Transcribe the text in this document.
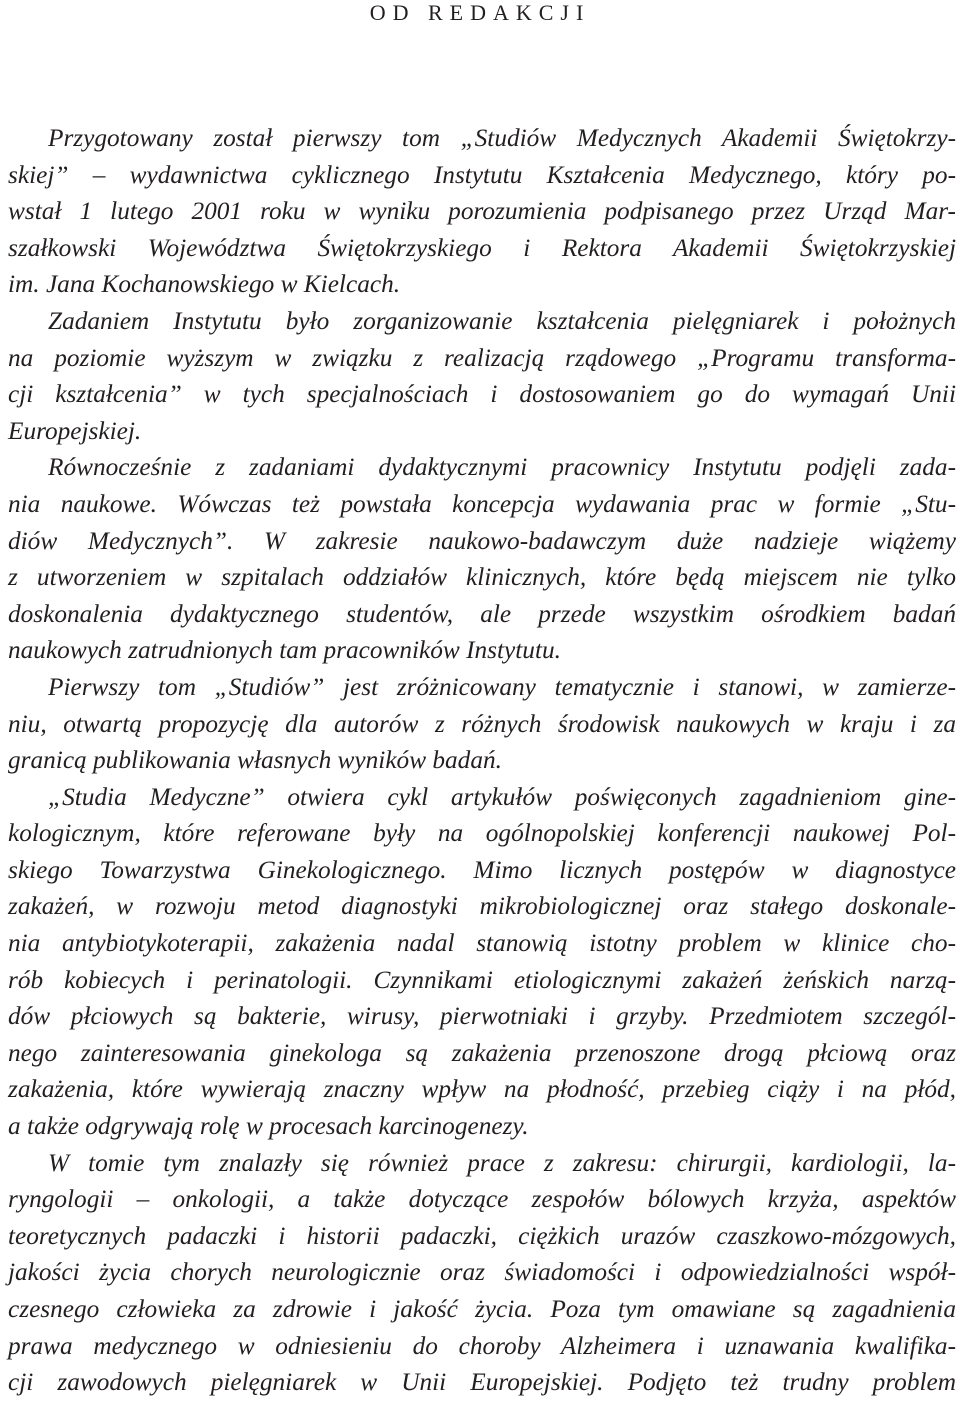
OD REDAKCJI
Przygotowany został pierwszy tom „Studiów Medycznych Akademii Świętokrzy-
skiej” – wydawnictwa cyklicznego Instytutu Kształcenia Medycznego, który po-
wstał 1 lutego 2001 roku w wyniku porozumienia podpisanego przez Urząd Mar-
szałkowski Województwa Świętokrzyskiego i Rektora Akademii Świętokrzyskiej
im. Jana Kochanowskiego w Kielcach.
Zadaniem Instytutu było zorganizowanie kształcenia pielęgniarek i położnych
na poziomie wyższym w związku z realizacją rządowego „Programu transforma-
cji kształcenia” w tych specjalnościach i dostosowaniem go do wymagań Unii
Europejskiej.
Równocześnie z zadaniami dydaktycznymi pracownicy Instytutu podjęli zada-
nia naukowe. Wówczas też powstała koncepcja wydawania prac w formie „Stu-
diów Medycznych”. W zakresie naukowo-badawczym duże nadzieje wiążemy
z utworzeniem w szpitalach oddziałów klinicznych, które będą miejscem nie tylko
doskonalenia dydaktycznego studentów, ale przede wszystkim ośrodkiem badań
naukowych zatrudnionych tam pracowników Instytutu.
Pierwszy tom „Studiów” jest zróżnicowany tematycznie i stanowi, w zamierze-
niu, otwartą propozycję dla autorów z różnych środowisk naukowych w kraju i za
granicą publikowania własnych wyników badań.
„Studia Medyczne” otwiera cykl artykułów poświęconych zagadnieniom gine-
kologicznym, które referowane były na ogólnopolskiej konferencji naukowej Pol-
skiego Towarzystwa Ginekologicznego. Mimo licznych postępów w diagnostyce
zakażeń, w rozwoju metod diagnostyki mikrobiologicznej oraz stałego doskonale-
nia antybiotykoterapii, zakażenia nadal stanowią istotny problem w klinice cho-
rób kobiecych i perinatologii. Czynnikami etiologicznymi zakażeń żeńskich narzą-
dów płciowych są bakterie, wirusy, pierwotniaki i grzyby. Przedmiotem szczegól-
nego zainteresowania ginekologa są zakażenia przenoszone drogą płciową oraz
zakażenia, które wywierają znaczny wpływ na płodność, przebieg ciąży i na płód,
a także odgrywają rolę w procesach karcinogenezy.
W tomie tym znalazły się również prace z zakresu: chirurgii, kardiologii, la-
ryngologii – onkologii, a także dotyczące zespołów bólowych krzyża, aspektów
teoretycznych padaczki i historii padaczki, ciężkich urazów czaszkowo-mózgowych,
jakości życia chorych neurologicznie oraz świadomości i odpowiedzialności współ-
czesnego człowieka za zdrowie i jakość życia. Poza tym omawiane są zagadnienia
prawa medycznego w odniesieniu do choroby Alzheimera i uznawania kwalifika-
cji zawodowych pielęgniarek w Unii Europejskiej. Podjęto też trudny problem
